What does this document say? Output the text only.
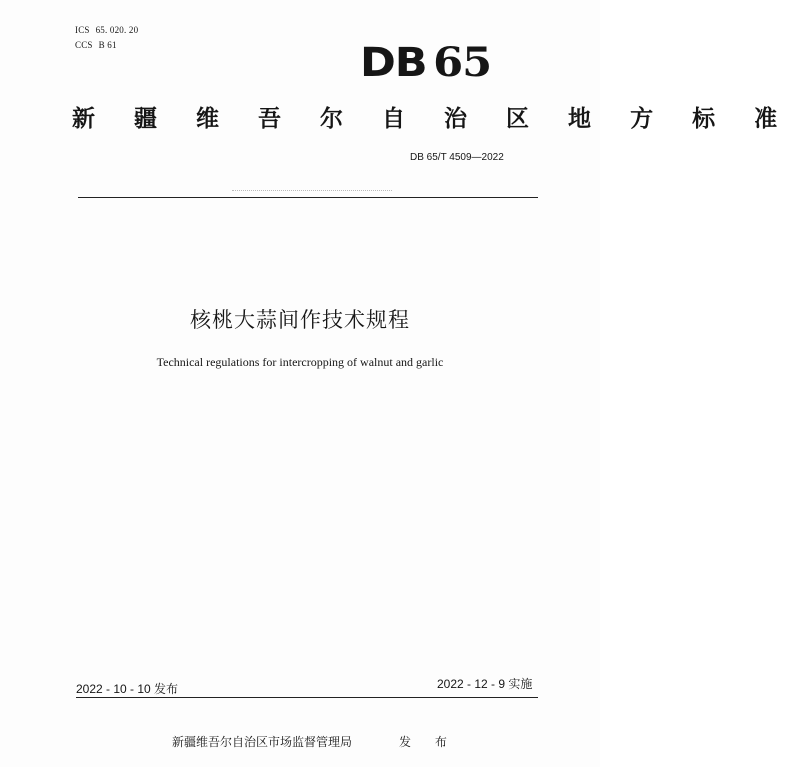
ICS 65. 020. 20
CCS B 61	DB 65
新 疆 维 吾 尔 自 治 区 地 方 标 准
DB 65/T 4509—2022
核桃大蒜间作技术规程
Technical regulations for intercropping of walnut and garlic
2022 - 10 - 10 发布	2022 - 12 - 9 实施
新疆维吾尔自治区市场监督管理局	发 布
